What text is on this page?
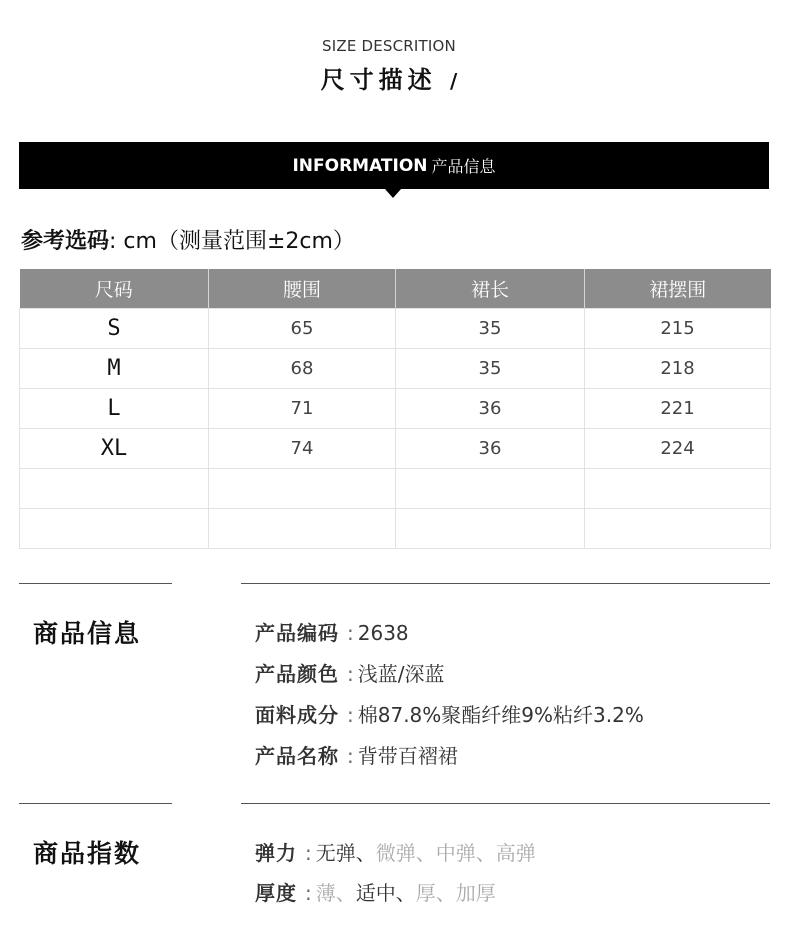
SIZE DESCRITION
尺寸描述 /
INFORMATION 产品信息
参考选码: cm（测量范围±2cm）
尺码	腰围	裙长	裙摆围
S	65	35	215
M	68	35	218
L	71	36	221
XL	74	36	224

商品信息	产品编码 : 2638
产品颜色 : 浅蓝/深蓝
面料成分 : 棉87.8%聚酯纤维9%粘纤3.2%
产品名称 : 背带百褶裙
商品指数	弹力 : 无弹、微弹、中弹、高弹
厚度 : 薄、适中、厚、加厚
